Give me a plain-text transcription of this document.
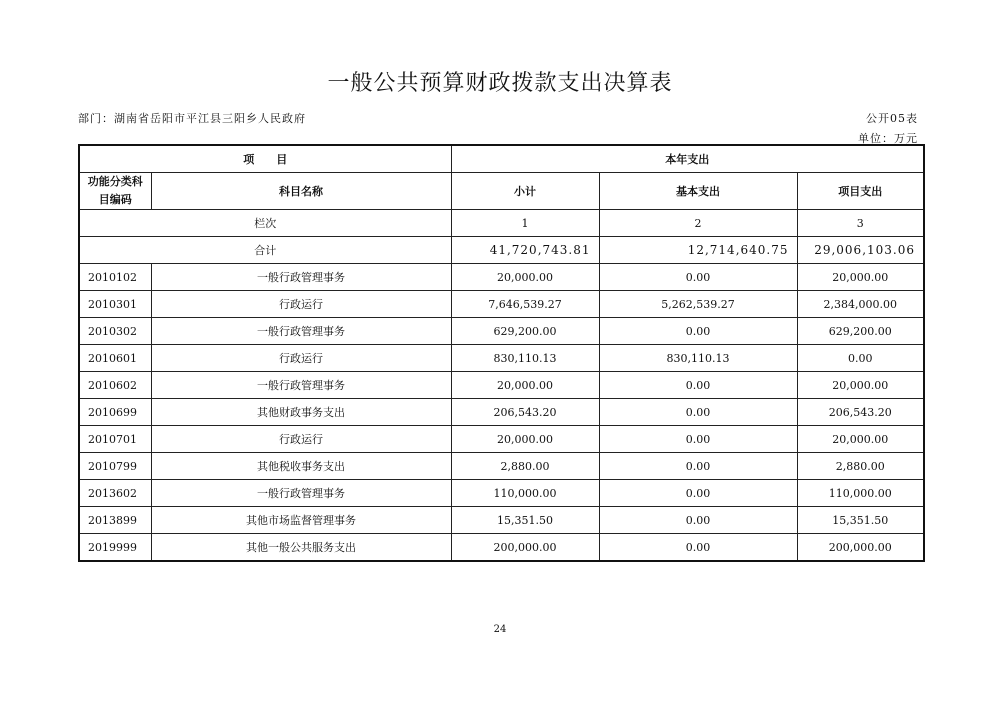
一般公共预算财政拨款支出决算表
部门：湖南省岳阳市平江县三阳乡人民政府	公开05表
单位：万元
项　　目		本年支出		
功能分类科目编码	科目名称	小计	基本支出	项目支出
栏次		1	2	3
合计		41,720,743.81	12,714,640.75	29,006,103.06
2010102	一般行政管理事务	20,000.00	0.00	20,000.00
2010301	行政运行	7,646,539.27	5,262,539.27	2,384,000.00
2010302	一般行政管理事务	629,200.00	0.00	629,200.00
2010601	行政运行	830,110.13	830,110.13	0.00
2010602	一般行政管理事务	20,000.00	0.00	20,000.00
2010699	其他财政事务支出	206,543.20	0.00	206,543.20
2010701	行政运行	20,000.00	0.00	20,000.00
2010799	其他税收事务支出	2,880.00	0.00	2,880.00
2013602	一般行政管理事务	110,000.00	0.00	110,000.00
2013899	其他市场监督管理事务	15,351.50	0.00	15,351.50
2019999	其他一般公共服务支出	200,000.00	0.00	200,000.00
24
